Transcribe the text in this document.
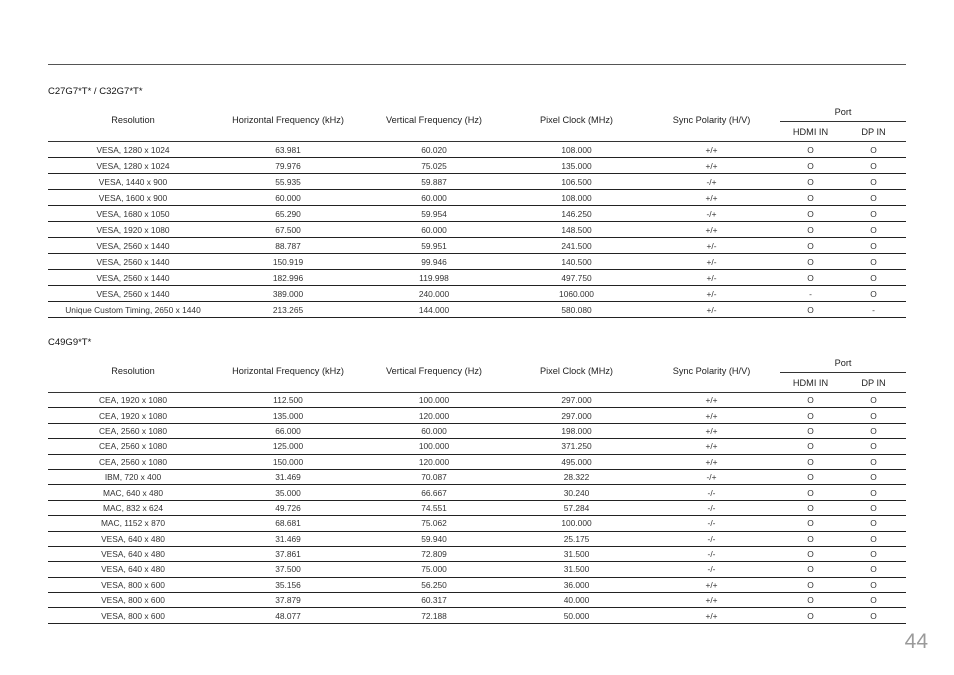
C27G7*T* / C32G7*T*
Resolution	Horizontal Frequency (kHz)	Vertical Frequency (Hz)	Pixel Clock (MHz)	Sync Polarity (H/V)	Port	
					HDMI IN	DP IN
VESA, 1280 x 1024	63.981	60.020	108.000	+/+	O	O
VESA, 1280 x 1024	79.976	75.025	135.000	+/+	O	O
VESA, 1440 x 900	55.935	59.887	106.500	-/+	O	O
VESA, 1600 x 900	60.000	60.000	108.000	+/+	O	O
VESA, 1680 x 1050	65.290	59.954	146.250	-/+	O	O
VESA, 1920 x 1080	67.500	60.000	148.500	+/+	O	O
VESA, 2560 x 1440	88.787	59.951	241.500	+/-	O	O
VESA, 2560 x 1440	150.919	99.946	140.500	+/-	O	O
VESA, 2560 x 1440	182.996	119.998	497.750	+/-	O	O
VESA, 2560 x 1440	389.000	240.000	1060.000	+/-	-	O
Unique Custom Timing, 2650 x 1440	213.265	144.000	580.080	+/-	O	-
C49G9*T*
Resolution	Horizontal Frequency (kHz)	Vertical Frequency (Hz)	Pixel Clock (MHz)	Sync Polarity (H/V)	Port	
					HDMI IN	DP IN
CEA, 1920 x 1080	112.500	100.000	297.000	+/+	O	O
CEA, 1920 x 1080	135.000	120.000	297.000	+/+	O	O
CEA, 2560 x 1080	66.000	60.000	198.000	+/+	O	O
CEA, 2560 x 1080	125.000	100.000	371.250	+/+	O	O
CEA, 2560 x 1080	150.000	120.000	495.000	+/+	O	O
IBM, 720 x 400	31.469	70.087	28.322	-/+	O	O
MAC, 640 x 480	35.000	66.667	30.240	-/-	O	O
MAC, 832 x 624	49.726	74.551	57.284	-/-	O	O
MAC, 1152 x 870	68.681	75.062	100.000	-/-	O	O
VESA, 640 x 480	31.469	59.940	25.175	-/-	O	O
VESA, 640 x 480	37.861	72.809	31.500	-/-	O	O
VESA, 640 x 480	37.500	75.000	31.500	-/-	O	O
VESA, 800 x 600	35.156	56.250	36.000	+/+	O	O
VESA, 800 x 600	37.879	60.317	40.000	+/+	O	O
VESA, 800 x 600	48.077	72.188	50.000	+/+	O	O
44
